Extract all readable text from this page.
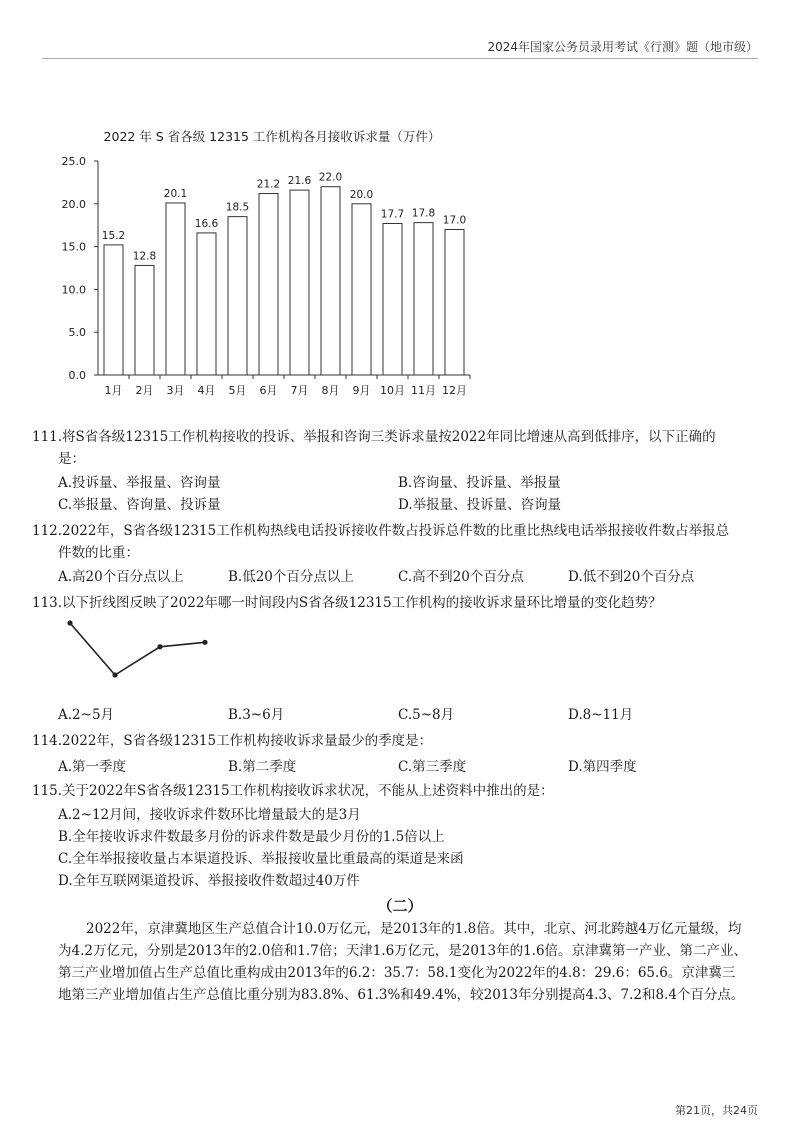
2024年国家公务员录用考试《行测》题（地市级）
2022 年 S 省各级 12315 工作机构各月接收诉求量（万件）
0.0
5.0
10.0
15.0
20.0
25.0
15.2
1月
12.8
2月
20.1
3月
16.6
4月
18.5
5月
21.2
6月
21.6
7月
22.0
8月
20.0
9月
17.7
10月
17.8
11月
17.0
12月
111.将S省各级12315工作机构接收的投诉、举报和咨询三类诉求量按2022年同比增速从高到低排序，以下正确的
是：
A.投诉量、举报量、咨询量	B.咨询量、投诉量、举报量
C.举报量、咨询量、投诉量	D.举报量、投诉量、咨询量
112.2022年，S省各级12315工作机构热线电话投诉接收件数占投诉总件数的比重比热线电话举报接收件数占举报总
件数的比重：
A.高20个百分点以上	B.低20个百分点以上	C.高不到20个百分点	D.低不到20个百分点
113.以下折线图反映了2022年哪一时间段内S省各级12315工作机构的接收诉求量环比增量的变化趋势？
A.2~5月	B.3~6月	C.5~8月	D.8~11月
114.2022年，S省各级12315工作机构接收诉求量最少的季度是：
A.第一季度	B.第二季度	C.第三季度	D.第四季度
115.关于2022年S省各级12315工作机构接收诉求状况，不能从上述资料中推出的是：
A.2~12月间，接收诉求件数环比增量最大的是3月
B.全年接收诉求件数最多月份的诉求件数是最少月份的1.5倍以上
C.全年举报接收量占本渠道投诉、举报接收量比重最高的渠道是来函
D.全年互联网渠道投诉、举报接收件数超过40万件
（二）
2022年，京津冀地区生产总值合计10.0万亿元，是2013年的1.8倍。其中，北京、河北跨越4万亿元量级，均为4.2万亿元，分别是2013年的2.0倍和1.7倍；天津1.6万亿元，是2013年的1.6倍。京津冀第一产业、第二产业、第三产业增加值占生产总值比重构成由2013年的6.2：35.7：58.1变化为2022年的4.8：29.6：65.6。京津冀三地第三产业增加值占生产总值比重分别为83.8%、61.3%和49.4%，较2013年分别提高4.3、7.2和8.4个百分点。
第21页，共24页
